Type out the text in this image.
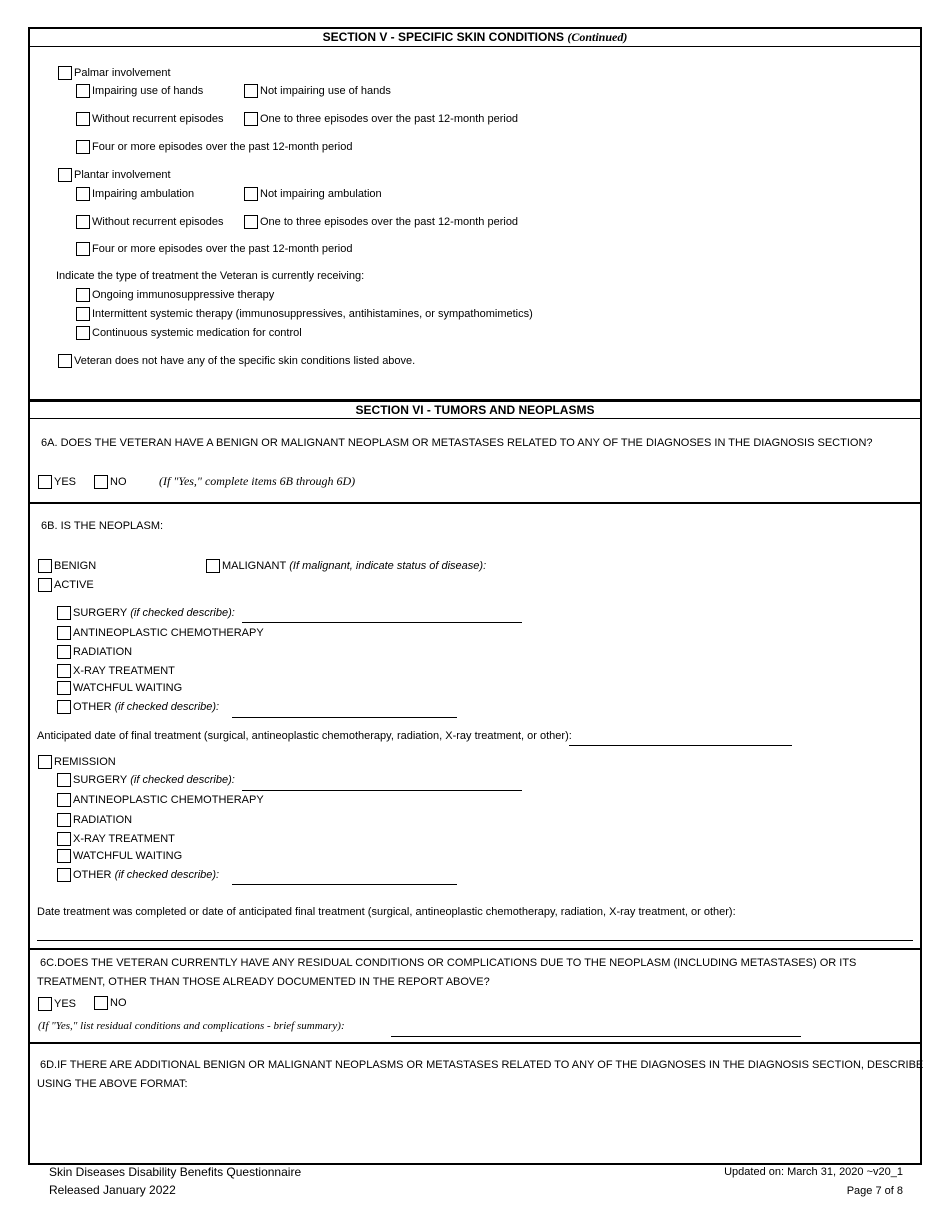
SECTION V - SPECIFIC SKIN CONDITIONS (Continued)
Palmar involvement
Impairing use of hands	Not impairing use of hands
Without recurrent episodes	One to three episodes over the past 12-month period
Four or more episodes over the past 12-month period
Plantar involvement
Impairing ambulation	Not impairing ambulation
Without recurrent episodes	One to three episodes over the past 12-month period
Four or more episodes over the past 12-month period
Indicate the type of treatment the Veteran is currently receiving:
Ongoing immunosuppressive therapy
Intermittent systemic therapy (immunosuppressives, antihistamines, or sympathomimetics)
Continuous systemic medication for control
Veteran does not have any of the specific skin conditions listed above.
SECTION VI - TUMORS AND NEOPLASMS
6A. DOES THE VETERAN HAVE A BENIGN OR MALIGNANT NEOPLASM OR METASTASES RELATED TO ANY OF THE DIAGNOSES IN THE DIAGNOSIS SECTION?
YES	NO	(If "Yes," complete items 6B through 6D)
6B. IS THE NEOPLASM:
BENIGN	MALIGNANT
(If malignant, indicate status of disease):
ACTIVE
SURGERY
(if checked describe):
ANTINEOPLASTIC CHEMOTHERAPY
RADIATION
X-RAY TREATMENT
WATCHFUL WAITING
OTHER
(if checked describe):
Anticipated date of final treatment (surgical, antineoplastic chemotherapy, radiation, X-ray treatment, or other):
REMISSION
SURGERY
(if checked describe):
ANTINEOPLASTIC CHEMOTHERAPY
RADIATION
X-RAY TREATMENT
WATCHFUL WAITING
OTHER
(if checked describe):
Date treatment was completed or date of anticipated final treatment (surgical, antineoplastic chemotherapy, radiation, X-ray treatment, or other):
6C.DOES THE VETERAN CURRENTLY HAVE ANY RESIDUAL CONDITIONS OR COMPLICATIONS DUE TO THE NEOPLASM (INCLUDING METASTASES) OR ITS
TREATMENT, OTHER THAN THOSE ALREADY DOCUMENTED IN THE REPORT ABOVE?
YES	NO
(If "Yes," list residual conditions and complications - brief summary):
6D.IF THERE ARE ADDITIONAL BENIGN OR MALIGNANT NEOPLASMS OR METASTASES RELATED TO ANY OF THE DIAGNOSES IN THE DIAGNOSIS SECTION, DESCRIBE
USING THE ABOVE FORMAT:
Skin Diseases Disability Benefits Questionnaire
Released January 2022
Updated on: March 31, 2020 ~v20_1
Page 7 of 8
